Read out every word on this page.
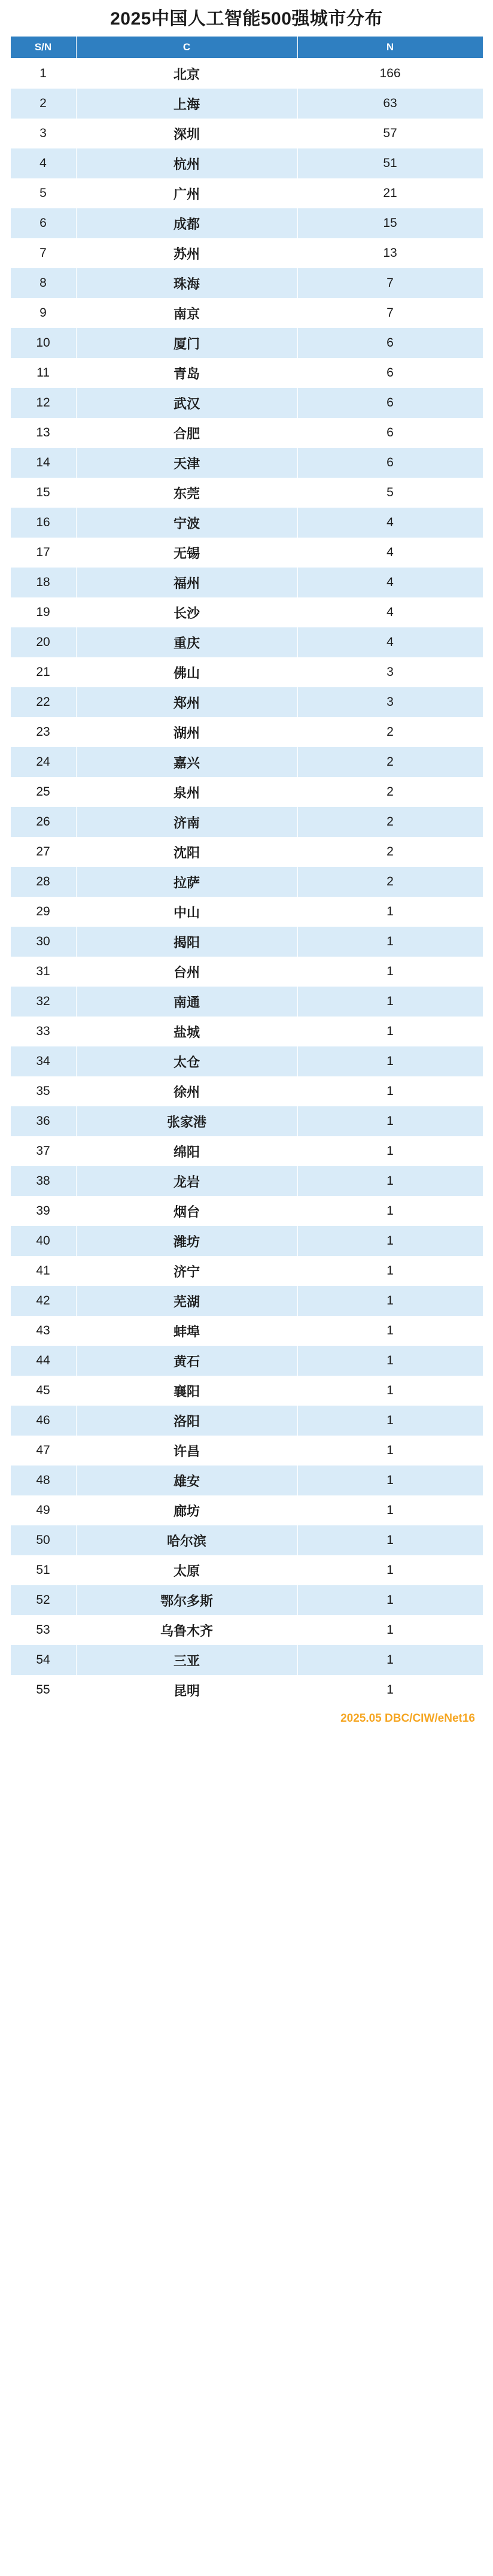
2025中国人工智能500强城市分布
S/N	C	N
1	北京	166
2	上海	63
3	深圳	57
4	杭州	51
5	广州	21
6	成都	15
7	苏州	13
8	珠海	7
9	南京	7
10	厦门	6
11	青岛	6
12	武汉	6
13	合肥	6
14	天津	6
15	东莞	5
16	宁波	4
17	无锡	4
18	福州	4
19	长沙	4
20	重庆	4
21	佛山	3
22	郑州	3
23	湖州	2
24	嘉兴	2
25	泉州	2
26	济南	2
27	沈阳	2
28	拉萨	2
29	中山	1
30	揭阳	1
31	台州	1
32	南通	1
33	盐城	1
34	太仓	1
35	徐州	1
36	张家港	1
37	绵阳	1
38	龙岩	1
39	烟台	1
40	潍坊	1
41	济宁	1
42	芜湖	1
43	蚌埠	1
44	黄石	1
45	襄阳	1
46	洛阳	1
47	许昌	1
48	雄安	1
49	廊坊	1
50	哈尔滨	1
51	太原	1
52	鄂尔多斯	1
53	乌鲁木齐	1
54	三亚	1
55	昆明	1
2025.05 DBC/CIW/eNet16
